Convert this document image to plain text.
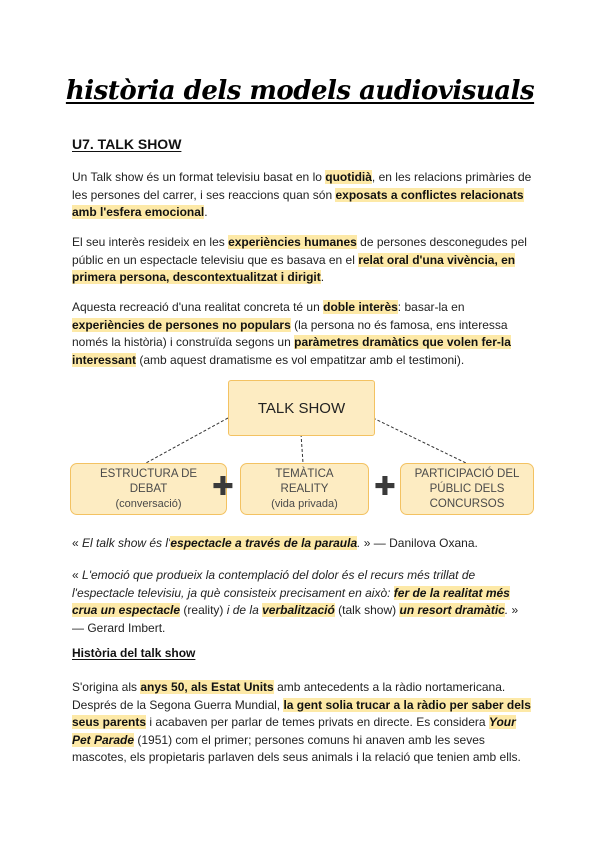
història dels models audiovisuals
U7. TALK SHOW

Un Talk show és un format televisiu basat en lo quotidià, en les relacions primàries de les persones del carrer, i ses reaccions quan són exposats a conflictes relacionats amb l'esfera emocional.

El seu interès resideix en les experiències humanes de persones desconegudes pel públic en un espectacle televisiu que es basava en el relat oral d'una vivència, en primera persona, descontextualitzat i dirigit.

Aquesta recreació d'una realitat concreta té un doble interès: basar-la en experiències de persones no populars (la persona no és famosa, ens interessa només la història) i construïda segons un paràmetres dramàtics que volen fer-la interessant (amb aquest dramatisme es vol empatitzar amb el testimoni).

TALK SHOW
ESTRUCTURA DE
DEBAT
(conversació)
✚	TEMÀTICA
REALITY
(vida privada)
✚ PARTICIPACIÓ DEL
PÚBLIC DELS
CONCURSOS

« El talk show és l'espectacle a través de la paraula. » — Danilova Oxana.

« L'emoció que produeix la contemplació del dolor és el recurs més trillat de l'espectacle televisiu, ja què consisteix precisament en això: fer de la realitat més crua un espectacle (reality) i de la verbalització (talk show) un resort dramàtic. » — Gerard Imbert.

Història del talk show

S'origina als anys 50, als Estat Units amb antecedents a la ràdio nortamericana. Després de la Segona Guerra Mundial, la gent solia trucar a la ràdio per saber dels seus parents i acabaven per parlar de temes privats en directe. Es considera Your Pet Parade (1951) com el primer; persones comuns hi anaven amb les seves mascotes, els propietaris parlaven dels seus animals i la relació que tenien amb ells.
